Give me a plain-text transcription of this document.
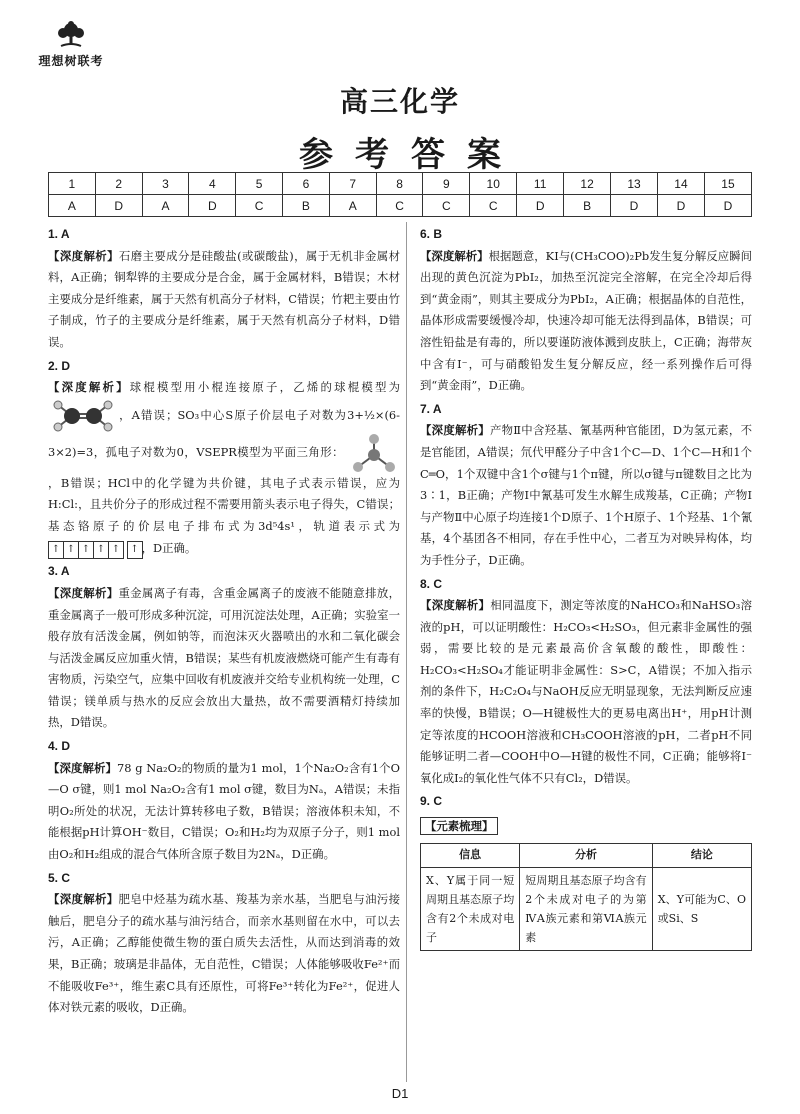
理想树联考
高三化学
参考答案
1	2	3	4	5	6	7	8	9	10	11	12	13	14	15
A	D	A	D	C	B	A	C	C	C	D	B	D	D	D
1. A

【深度解析】石磨主要成分是硅酸盐(或碳酸盐)，属于无机非金属材料，A正确；铜犁铧的主要成分是合金，属于金属材料，B错误；木材主要成分是纤维素，属于天然有机高分子材料，C错误；竹耙主要由竹子制成，竹子的主要成分是纤维素，属于天然有机高分子材料，D错误。

2. D

【深度解析】球棍模型用小棍连接原子，乙烯的球棍模型为 ，A错误；SO₃中心S原子价层电子对数为3+½×(6-3×2)=3，孤电子对数为0，VSEPR模型为平面三角形： ，B错误；HCl中的化学键为共价键，其电子式表示错误，应为H:Cl:，且共价分子的形成过程不需要用箭头表示电子得失，C错误；基态铬原子的价层电子排布式为3d⁵4s¹，轨道表示式为 ↑ ↑ ↑ ↑ ↑ ↑ ，D正确。

3. A

【深度解析】重金属离子有毒，含重金属离子的废液不能随意排放，重金属离子一般可形成多种沉淀，可用沉淀法处理，A正确；实验室一般存放有活泼金属，例如钠等，而泡沫灭火器喷出的水和二氧化碳会与活泼金属反应加重火情，B错误；某些有机废液燃烧可能产生有毒有害物质，污染空气，应集中回收有机废液并交给专业机构统一处理，C错误；镁单质与热水的反应会放出大量热，故不需要酒精灯持续加热，D错误。

4. D

【深度解析】78 g Na₂O₂的物质的量为1 mol，1个Na₂O₂含有1个O—O σ键，则1 mol Na₂O₂含有1 mol σ键，数目为Nₐ，A错误；未指明O₂所处的状况，无法计算转移电子数，B错误；溶液体积未知，不能根据pH计算OH⁻数目，C错误；O₂和H₂均为双原子分子，则1 mol由O₂和H₂组成的混合气体所含原子数目为2Nₐ，D正确。

5. C

【深度解析】肥皂中烃基为疏水基、羧基为亲水基，当肥皂与油污接触后，肥皂分子的疏水基与油污结合，而亲水基则留在水中，可以去污，A正确；乙醇能使微生物的蛋白质失去活性，从而达到消毒的效果，B正确；玻璃是非晶体，无自范性，C错误；人体能够吸收Fe²⁺而不能吸收Fe³⁺，维生素C具有还原性，可将Fe³⁺转化为Fe²⁺，促进人体对铁元素的吸收，D正确。

6. B

【深度解析】根据题意，KI与(CH₃COO)₂Pb发生复分解反应瞬间出现的黄色沉淀为PbI₂，加热至沉淀完全溶解，在完全冷却后得到“黄金雨”，则其主要成分为PbI₂，A正确；根据晶体的自范性，晶体形成需要缓慢冷却，快速冷却可能无法得到晶体，B错误；可溶性铅盐是有毒的，所以要谨防液体溅到皮肤上，C正确；海带灰中含有I⁻，可与硝酸铅发生复分解反应，经一系列操作后可得到“黄金雨”，D正确。

7. A

【深度解析】产物Ⅱ中含羟基、氰基两种官能团，D为氢元素，不是官能团，A错误；氘代甲醛分子中含1个C—D、1个C—H和1个C═O，1个双键中含1个σ键与1个π键，所以σ键与π键数目之比为3∶1，B正确；产物Ⅰ中氰基可发生水解生成羧基，C正确；产物Ⅰ与产物Ⅱ中心原子均连接1个D原子、1个H原子、1个羟基、1个氰基，4个基团各不相同，存在手性中心，二者互为对映异构体，均为手性分子，D正确。

8. C

【深度解析】相同温度下，测定等浓度的NaHCO₃和NaHSO₃溶液的pH，可以证明酸性：H₂CO₃<H₂SO₃，但元素非金属性的强弱，需要比较的是元素最高价含氧酸的酸性，即酸性：H₂CO₃<H₂SO₄才能证明非金属性：S>C，A错误；不加入指示剂的条件下，H₂C₂O₄与NaOH反应无明显现象，无法判断反应速率的快慢，B错误；O—H键极性大的更易电离出H⁺，用pH计测定等浓度的HCOOH溶液和CH₃COOH溶液的pH，二者pH不同能够证明二者—COOH中O—H键的极性不同，C正确；能够将I⁻氧化成I₂的氧化性气体不只有Cl₂，D错误。

9. C
【元素梳理】
信息	分析	结论
X、Y属于同一短周期且基态原子均含有2个未成对电子	短周期且基态原子均含有2个未成对电子的为第ⅣA族元素和第ⅥA族元素	X、Y可能为C、O或Si、S
D1
